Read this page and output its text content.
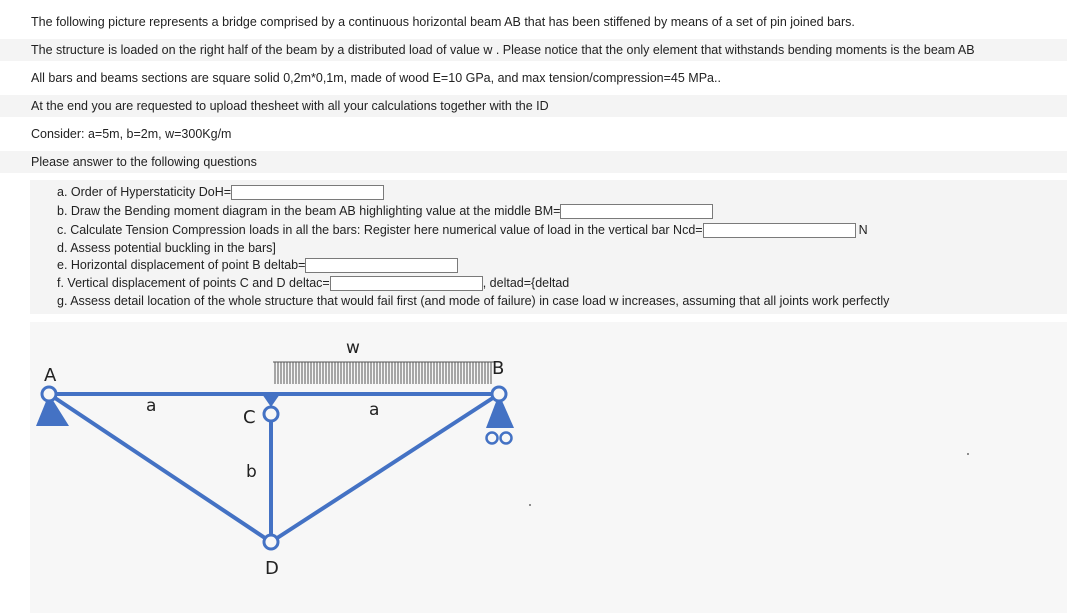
The following picture represents a bridge comprised by a continuous horizontal beam AB that has been stiffened by means of a set of pin joined bars.
The structure is loaded on the right half of the beam by a distributed load of value w . Please notice that the only element that withstands bending moments is the beam AB
All bars and beams sections are square solid 0,2m*0,1m, made of wood E=10 GPa, and max tension/compression=45 MPa..
At the end you are requested to upload thesheet with all your calculations together with the ID
Consider: a=5m, b=2m, w=300Kg/m
Please answer to the following questions
a. Order of Hyperstaticity DoH=
b. Draw the Bending moment diagram in the beam AB highlighting value at the middle BM=
c. Calculate Tension Compression loads in all the bars: Register here numerical value of load in the vertical bar Ncd=	N
d. Assess potential buckling in the bars]
e. Horizontal displacement of point B deltab=
f. Vertical displacement of points C and D deltac=	, deltad={deltad
g. Assess detail location of the whole structure that would fail first (and mode of failure) in case load w increases, assuming that all joints work perfectly
A	B
C
D
w
a	a
b
